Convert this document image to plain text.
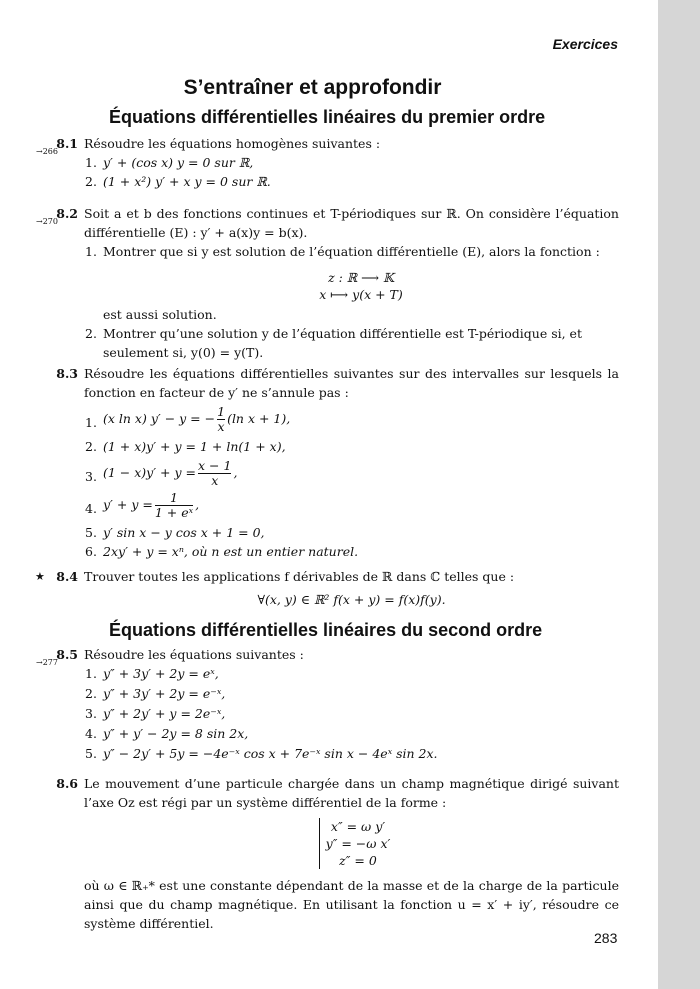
Exercices
S’entraîner et approfondir
Équations différentielles linéaires du premier ordre
8.1
→266
Résoudre les équations homogènes suivantes :
1. y′ + (cos x) y = 0 sur ℝ,
2. (1 + x²) y′ + x y = 0 sur ℝ.
8.2
→270
Soit a et b des fonctions continues et T-périodiques sur ℝ. On considère l’équation différentielle (E) : y′ + a(x)y = b(x).
1. Montrer que si y est solution de l’équation différentielle (E), alors la fonction :
z : ℝ ⟶ 𝕂
x ⟼ y(x + T)
est aussi solution.
2. Montrer qu’une solution y de l’équation différentielle est T-périodique si, et seulement si, y(0) = y(T).
8.3 Résoudre les équations différentielles suivantes sur des intervalles sur lesquels la fonction en facteur de y′ ne s’annule pas :
1. (x ln x) y′ − y = − $\frac{1}{x} (\ln$ x + 1),
2. (1 + x)y′ + y = 1 + ln(1 + x),
3. $(1 - x)y' + y = \frac{x - 1}{x}$ ,
4. $y' + y = \frac{1}{\text{1 + eˣ}}$ ,
5. y′ sin x − y cos x + 1 = 0,
6. 2xy′ + y = xⁿ, où n est un entier naturel.
★ 8.4 Trouver toutes les applications f dérivables de ℝ dans ℂ telles que :
∀(x, y) ∈ ℝ² f(x + y) = f(x)f(y).
Équations différentielles linéaires du second ordre
8.5
→277
Résoudre les équations suivantes :
1. y″ + 3y′ + 2y = eˣ,
2. y″ + 3y′ + 2y = e⁻ˣ,
3. y″ + 2y′ + y = 2e⁻ˣ,
4. y″ + y′ − 2y = 8 sin 2x,
5. y″ − 2y′ + 5y = −4e⁻ˣ cos x + 7e⁻ˣ sin x − 4eˣ sin 2x.
8.6 Le mouvement d’une particule chargée dans un champ magnétique dirigé suivant l’axe Oz est régi par un système différentiel de la forme :
x″ = ω y′
y″ = −ω x′
z″ = 0
où ω ∈ ℝ₊* est une constante dépendant de la masse et de la charge de la particule ainsi que du champ magnétique. En utilisant la fonction u = x′ + iy′, résoudre ce système différentiel.
283
